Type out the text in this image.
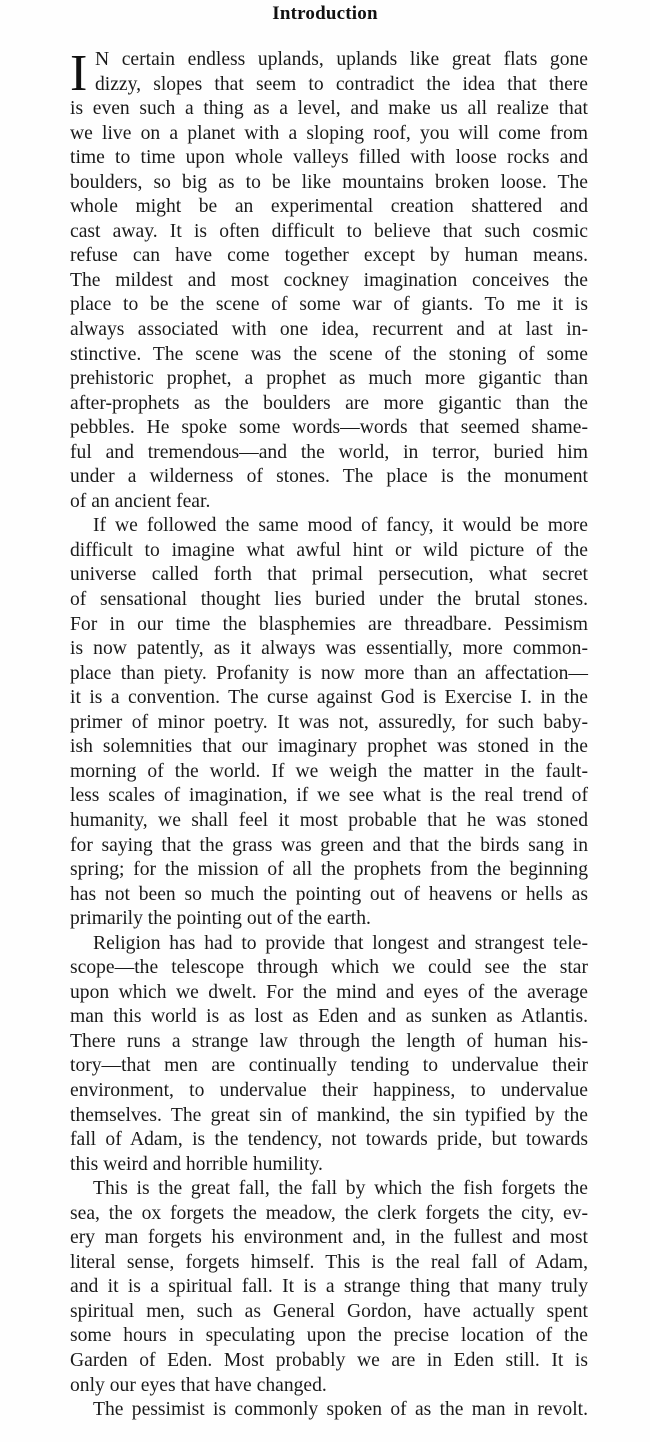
Introduction
I N certain endless uplands, uplands like great flats gone
dizzy, slopes that seem to contradict the idea that there
is even such a thing as a level, and make us all realize that
we live on a planet with a sloping roof, you will come from
time to time upon whole valleys filled with loose rocks and
boulders, so big as to be like mountains broken loose. The
whole might be an experimental creation shattered and
cast away. It is often difficult to believe that such cosmic
refuse can have come together except by human means.
The mildest and most cockney imagination conceives the
place to be the scene of some war of giants. To me it is
always associated with one idea, recurrent and at last in-
stinctive. The scene was the scene of the stoning of some
prehistoric prophet, a prophet as much more gigantic than
after-prophets as the boulders are more gigantic than the
pebbles. He spoke some words—words that seemed shame-
ful and tremendous—and the world, in terror, buried him
under a wilderness of stones. The place is the monument
of an ancient fear.
If we followed the same mood of fancy, it would be more
difficult to imagine what awful hint or wild picture of the
universe called forth that primal persecution, what secret
of sensational thought lies buried under the brutal stones.
For in our time the blasphemies are threadbare. Pessimism
is now patently, as it always was essentially, more common-
place than piety. Profanity is now more than an affectation—
it is a convention. The curse against God is Exercise I. in the
primer of minor poetry. It was not, assuredly, for such baby-
ish solemnities that our imaginary prophet was stoned in the
morning of the world. If we weigh the matter in the fault-
less scales of imagination, if we see what is the real trend of
humanity, we shall feel it most probable that he was stoned
for saying that the grass was green and that the birds sang in
spring; for the mission of all the prophets from the beginning
has not been so much the pointing out of heavens or hells as
primarily the pointing out of the earth.
Religion has had to provide that longest and strangest tele-
scope—the telescope through which we could see the star
upon which we dwelt. For the mind and eyes of the average
man this world is as lost as Eden and as sunken as Atlantis.
There runs a strange law through the length of human his-
tory—that men are continually tending to undervalue their
environment, to undervalue their happiness, to undervalue
themselves. The great sin of mankind, the sin typified by the
fall of Adam, is the tendency, not towards pride, but towards
this weird and horrible humility.
This is the great fall, the fall by which the fish forgets the
sea, the ox forgets the meadow, the clerk forgets the city, ev-
ery man forgets his environment and, in the fullest and most
literal sense, forgets himself. This is the real fall of Adam,
and it is a spiritual fall. It is a strange thing that many truly
spiritual men, such as General Gordon, have actually spent
some hours in speculating upon the precise location of the
Garden of Eden. Most probably we are in Eden still. It is
only our eyes that have changed.
The pessimist is commonly spoken of as the man in revolt.
